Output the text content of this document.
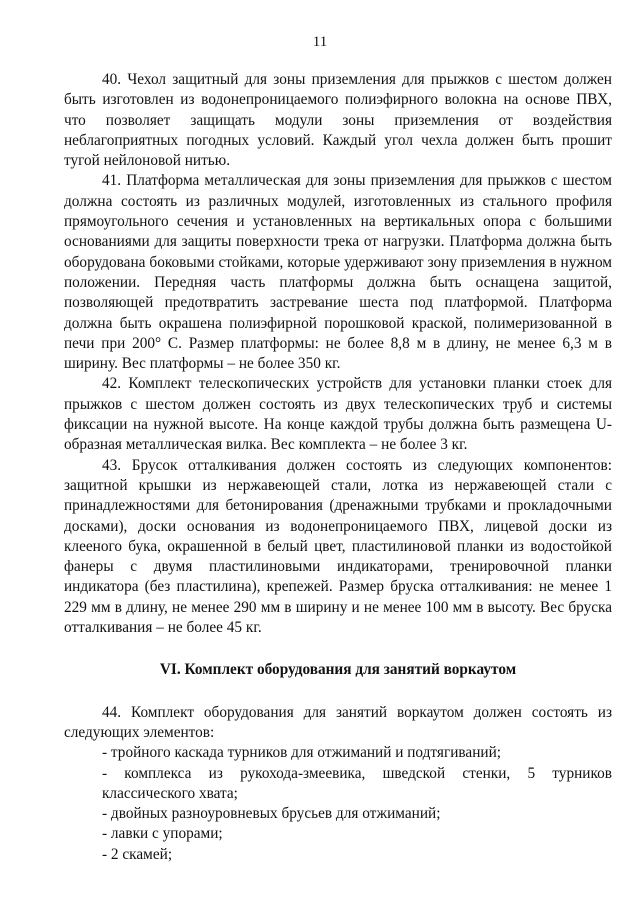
11

40. Чехол защитный для зоны приземления для прыжков с шестом должен быть изготовлен из водонепроницаемого полиэфирного волокна на основе ПВХ, что позволяет защищать модули зоны приземления от воздействия неблагоприятных погодных условий. Каждый угол чехла должен быть прошит тугой нейлоновой нитью.

41. Платформа металлическая для зоны приземления для прыжков с шестом должна состоять из различных модулей, изготовленных из стального профиля прямоугольного сечения и установленных на вертикальных опора с большими основаниями для защиты поверхности трека от нагрузки. Платформа должна быть оборудована боковыми стойками, которые удерживают зону приземления в нужном положении. Передняя часть платформы должна быть оснащена защитой, позволяющей предотвратить застревание шеста под платформой. Платформа должна быть окрашена полиэфирной порошковой краской, полимеризованной в печи при 200° С. Размер платформы: не более 8,8 м в длину, не менее 6,3 м в ширину. Вес платформы – не более 350 кг.

42. Комплект телескопических устройств для установки планки стоек для прыжков с шестом должен состоять из двух телескопических труб и системы фиксации на нужной высоте. На конце каждой трубы должна быть размещена U-образная металлическая вилка. Вес комплекта – не более 3 кг.

43. Брусок отталкивания должен состоять из следующих компонентов: защитной крышки из нержавеющей стали, лотка из нержавеющей стали с принадлежностями для бетонирования (дренажными трубками и прокладочными досками), доски основания из водонепроницаемого ПВХ, лицевой доски из клееного бука, окрашенной в белый цвет, пластилиновой планки из водостойкой фанеры с двумя пластилиновыми индикаторами, тренировочной планки индикатора (без пластилина), крепежей. Размер бруска отталкивания: не менее 1 229 мм в длину, не менее 290 мм в ширину и не менее 100 мм в высоту. Вес бруска отталкивания – не более 45 кг.

VI. Комплект оборудования для занятий воркаутом

44. Комплект оборудования для занятий воркаутом должен состоять из следующих элементов:

- тройного каскада турников для отжиманий и подтягиваний;

- комплекса из рукохода-змеевика, шведской стенки, 5 турников классического хвата;

- двойных разноуровневых брусьев для отжиманий;

- лавки с упорами;

- 2 скамей;
